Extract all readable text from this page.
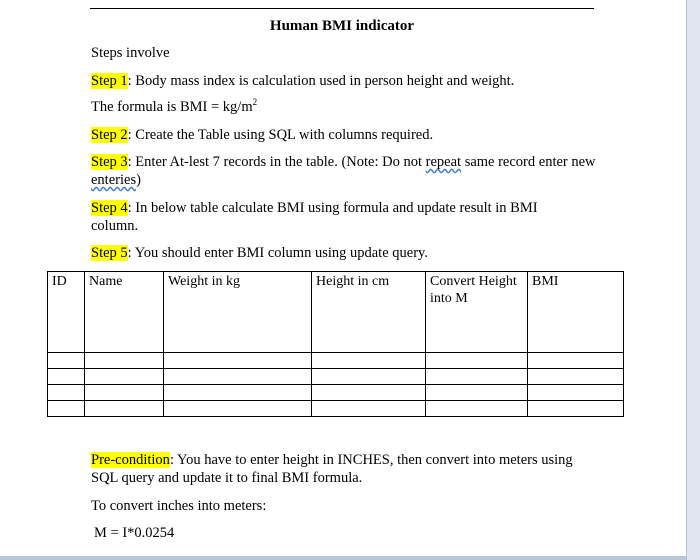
Human BMI indicator
Steps involve
Step 1: Body mass index is calculation used in person height and weight.
The formula is BMI = $kg/m^2$
Step 2: Create the Table using SQL with columns required.
Step 3: Enter At-lest 7 records in the table. (Note: Do not repeat same record enter new enteries)
Step 4: In below table calculate BMI using formula and update result in BMI column.
Step 5: You should enter BMI column using update query.
ID	Name	Weight in kg	Height in cm	Convert Height into M	BMI

Pre-condition: You have to enter height in INCHES, then convert into meters using SQL query and update it to final BMI formula.
To convert inches into meters:
M = I*0.0254
